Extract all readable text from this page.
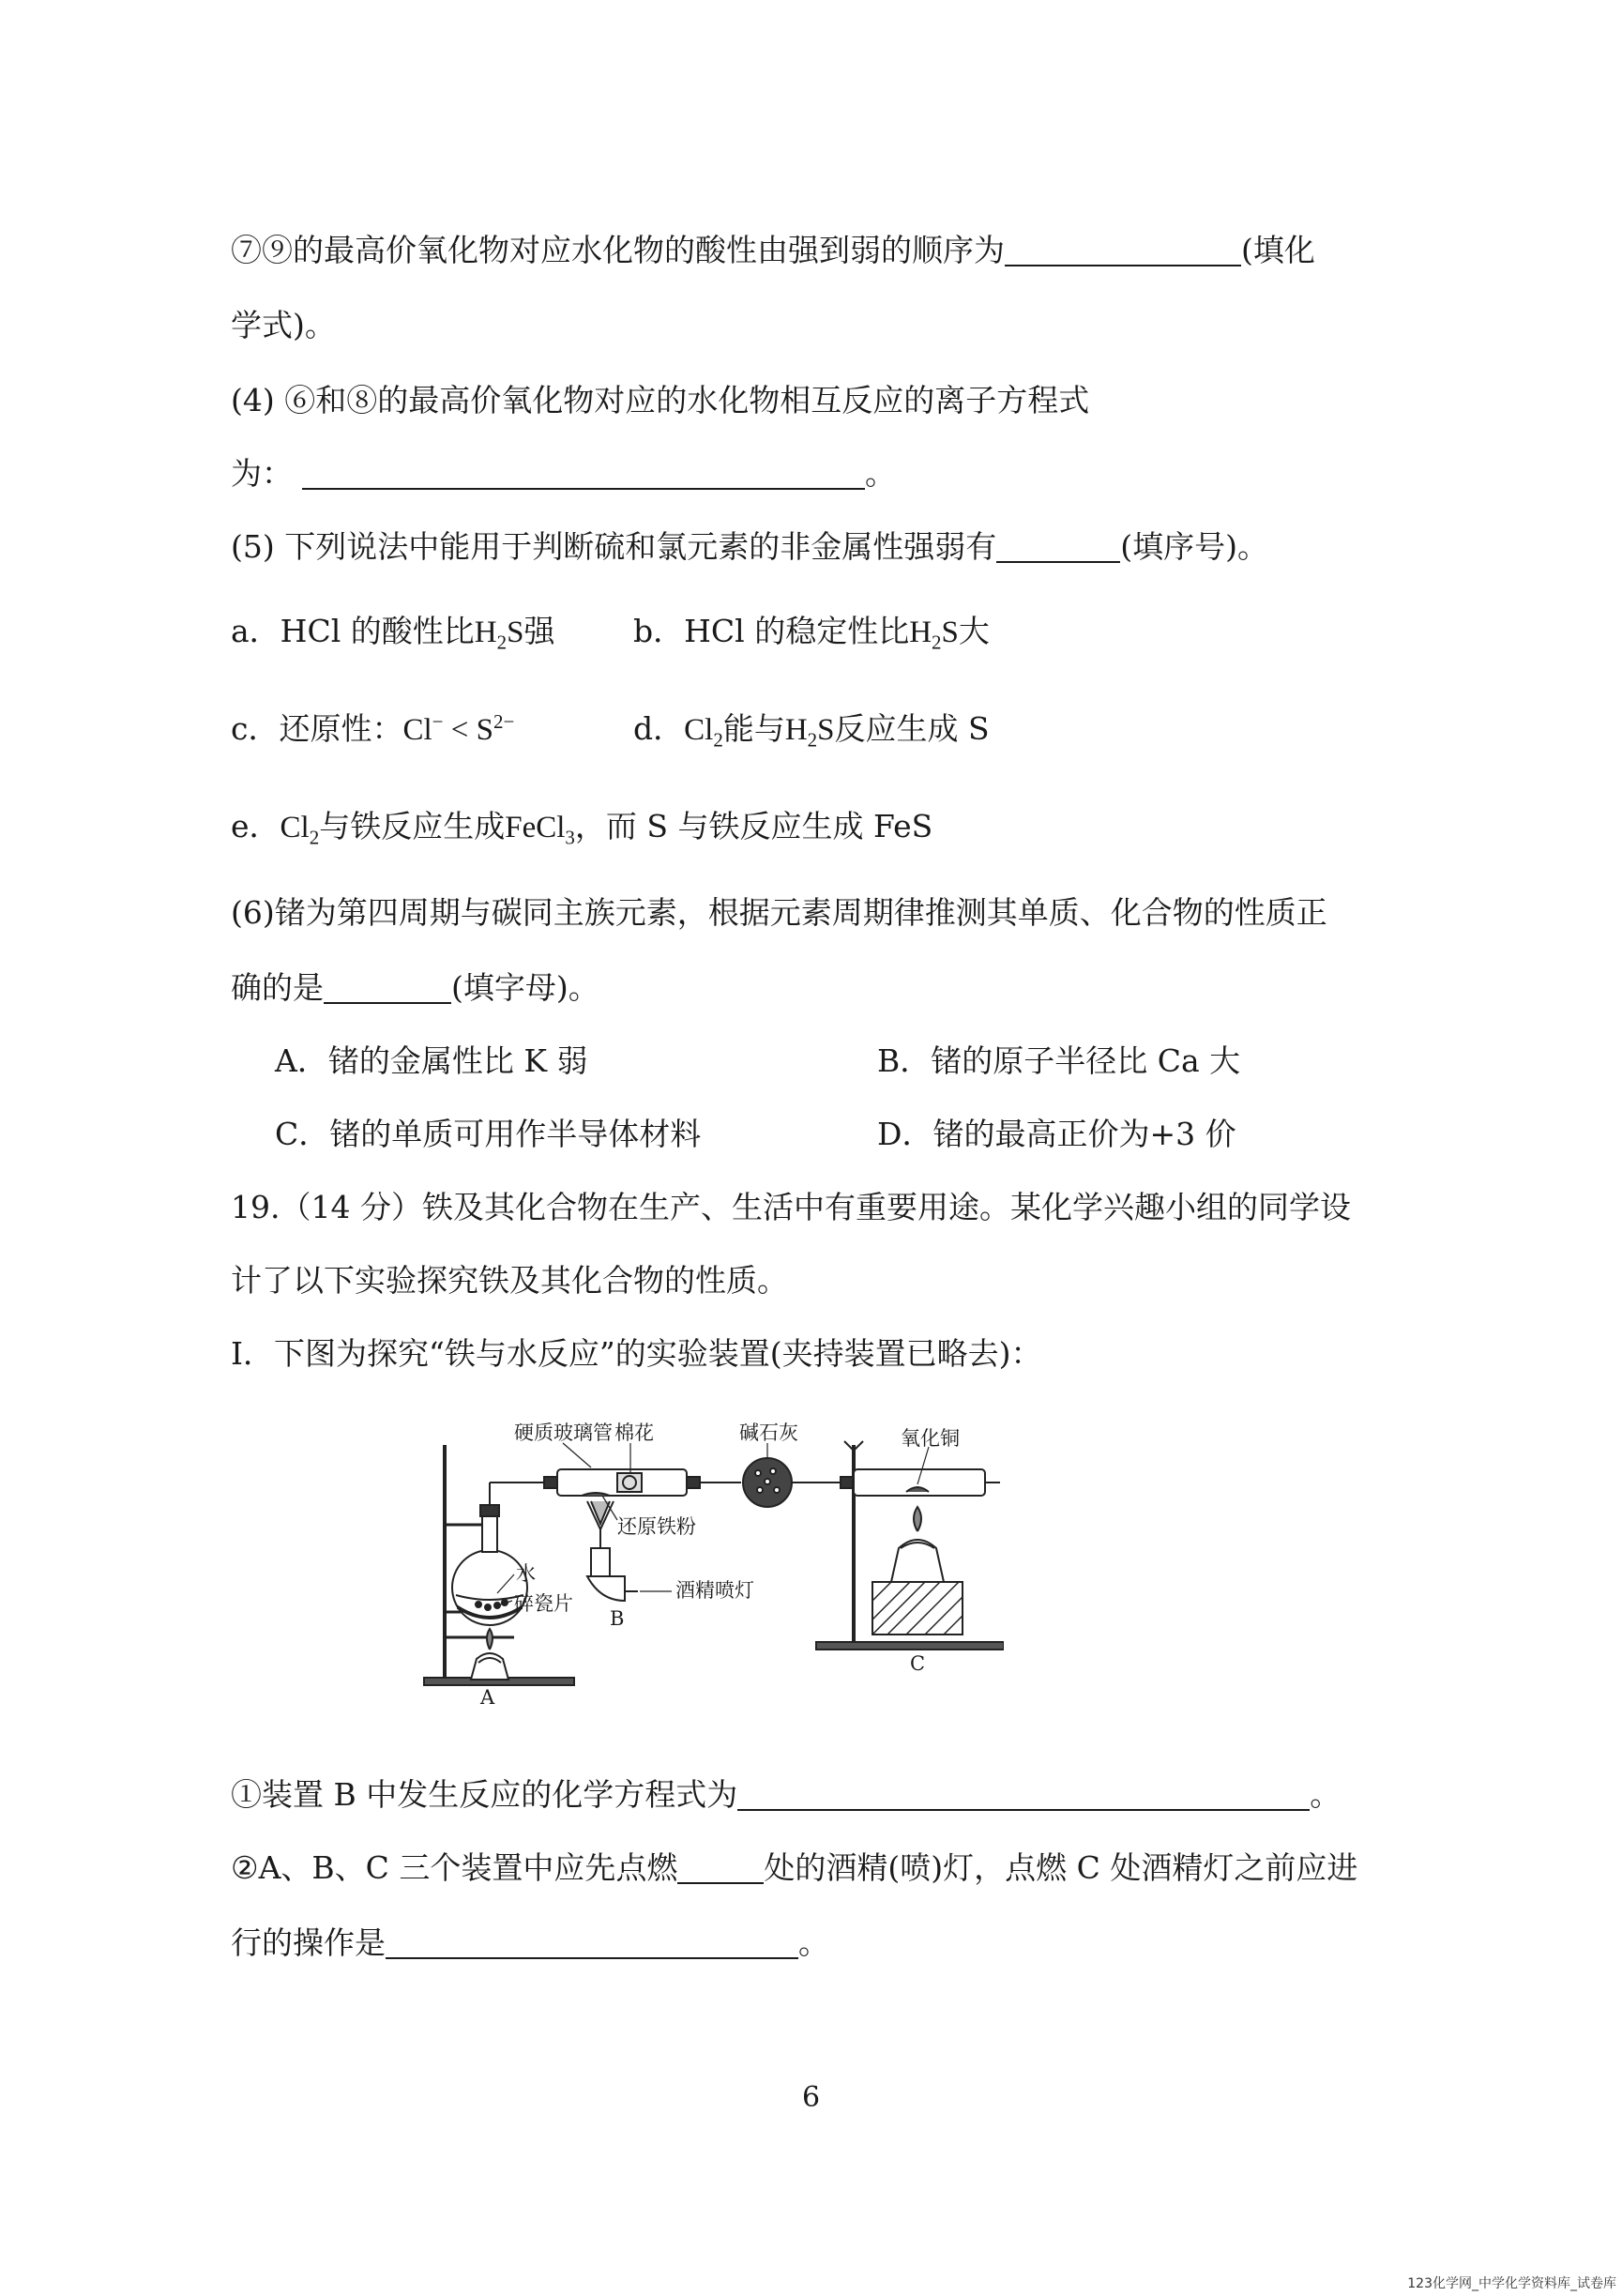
⑦⑨的最高价氧化物对应水化物的酸性由强到弱的顺序为	(填化
学式)。
(4) ⑥和⑧的最高价氧化物对应的水化物相互反应的离子方程式
为：	。
(5) 下列说法中能用于判断硫和氯元素的非金属性强弱有	(填序号)。
a．HCl 的酸性比$H_2S$强	b．HCl 的稳定性比$H_2S$大
c．还原性：$Cl^- < S^{2-}$	d．$Cl_2$能与$H_2S$反应生成 S
e．$Cl_2$与铁反应生成FeCl$_3$，而 S 与铁反应生成 FeS
(6)锗为第四周期与碳同主族元素，根据元素周期律推测其单质、化合物的性质正
确的是	(填字母)。
A．锗的金属性比 K 弱	B．锗的原子半径比 Ca 大
C．锗的单质可用作半导体材料	D．锗的最高正价为+3 价
19.（14 分）铁及其化合物在生产、生活中有重要用途。某化学兴趣小组的同学设
计了以下实验探究铁及其化合物的性质。
I．下图为探究“铁与水反应”的实验装置(夹持装置已略去)：
硬质玻璃管 棉花	碱石灰	氧化铜
还原铁粉
水
碎瓷片
酒精喷灯
A
B
C
①装置 B 中发生反应的化学方程式为	。
②A、B、C 三个装置中应先点燃	处的酒精(喷)灯，点燃 C 处酒精灯之前应进
行的操作是	。
6
123化学网_中学化学资料库_试卷库
